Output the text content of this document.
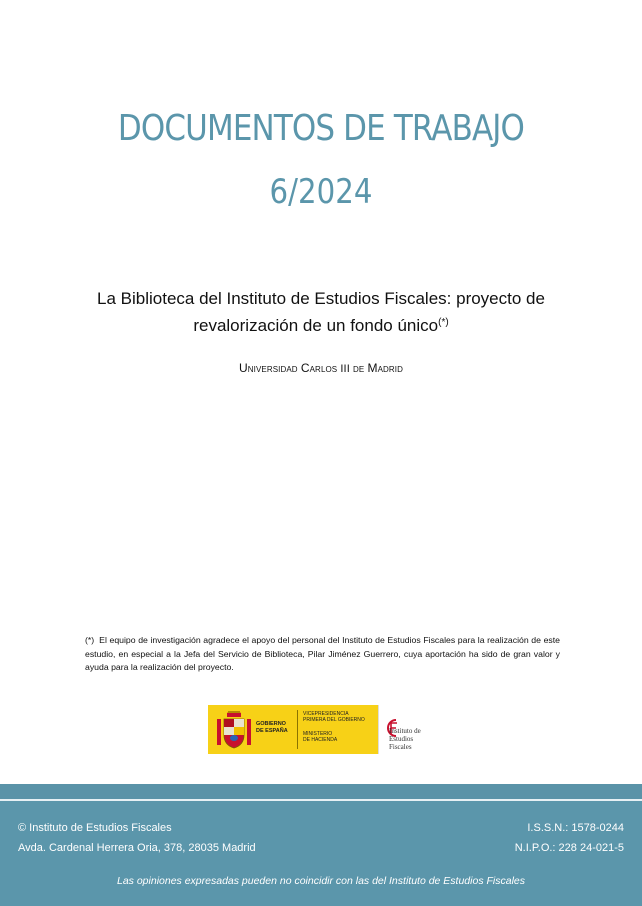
DOCUMENTOS DE TRABAJO
6/2024
La Biblioteca del Instituto de Estudios Fiscales: proyecto de
revalorización de un fondo único(*)
Universidad Carlos III de Madrid
(*) El equipo de investigación agradece el apoyo del personal del Instituto de Estudios Fiscales para la realización de este estudio, en especial a la Jefa del Servicio de Biblioteca, Pilar Jiménez Guerrero, cuya aportación ha sido de gran valor y ayuda para la realización del proyecto.
GOBIERNO
DE ESPAÑA
VICEPRESIDENCIA
PRIMERA DEL GOBIERNO
MINISTERIO
DE HACIENDA
Instituto de
Estudios Fiscales
© Instituto de Estudios Fiscales
Avda. Cardenal Herrera Oria, 378, 28035 Madrid
I.S.S.N.: 1578-0244
N.I.P.O.: 228 24-021-5
Las opiniones expresadas pueden no coincidir con las del Instituto de Estudios Fiscales
